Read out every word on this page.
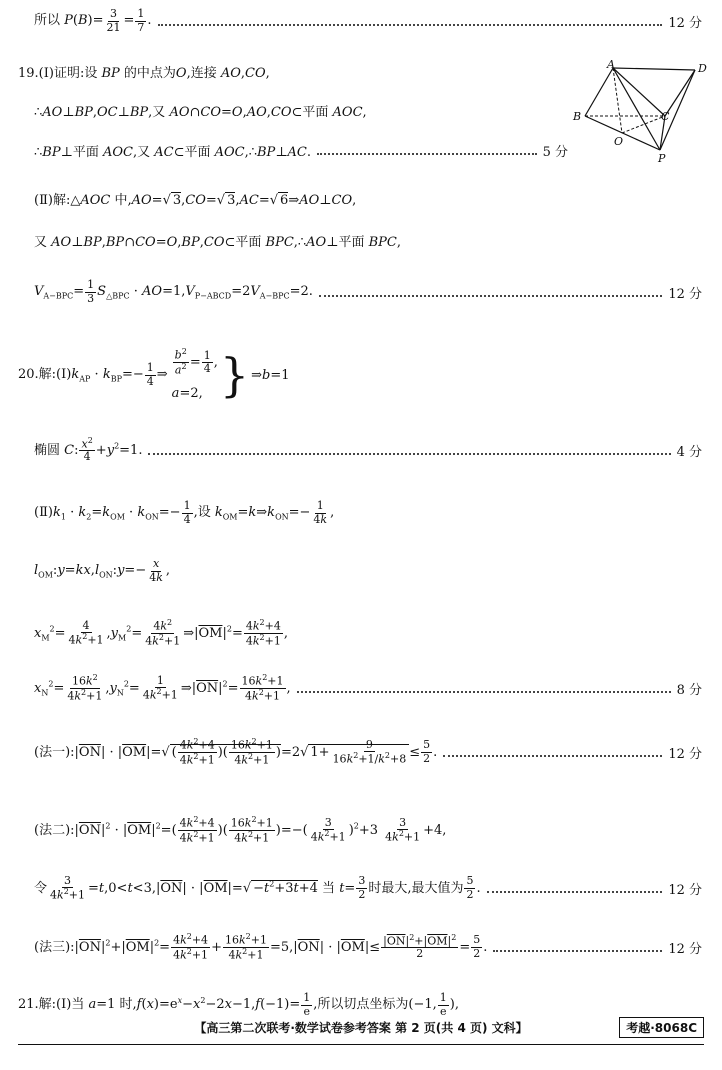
所以 $P(B)= \frac{3}{21} = \frac{1}{7}$ .	12 分
19.(Ⅰ)证明:设 BP 的中点为O,连接 AO,CO,
∴AO⊥BP,OC⊥BP,又 AO∩CO=O,AO,CO⊂平面 AOC,
∴BP⊥平面 AOC,又 AC⊂平面 AOC,∴BP⊥AC.	5 分
A	D
B	C
O
P
(Ⅱ)解:△AOC 中,AO=√ 3,CO=√ 3,AC=√ 6⇒AO⊥CO,
又 AO⊥BP,BP∩CO=O,BP,CO⊂平面 BPC,∴AO⊥平面 BPC,
$V_{A-BPC}= \frac{1}{3} S_{\triangle BPC} \cdot AO=1,V_{P-ABCD}=2V_{A-BPC}=2$.	12 分
20.解$:(Ⅰ)k_{AP} \cdot k_{BP}=- \frac{1}{4}$ ⇒ $\frac{b^2}{a^2} = \frac{1}{4}$ ,
a=2, } ⇒b=1
椭圆 C: $\frac{x^2}{4} +y^2=1$.	4 分
$(Ⅱ)k_1 \cdot k_2=k_{OM} \cdot k_{ON}=- \frac{1}{4}$ ,设 $k_{OM}=k\Rightarrow k_{ON}=- \frac{1}{4k}$ ,
$l_{OM}:y=kx,l_{ON}:y=- \frac{x}{4k}$ ,
$x_M^2= \frac{4}{4k^2+1} ,y_M^2= \frac{4k^2}{4k^2+1}$ $\Rightarrow|\overline{OM}|^2= \frac{4k^2+4}{4k^2+1}$ ,
$x_N^2= \frac{16k^2}{4k^2+1} ,y_N^2= \frac{1}{4k^2+1}$ $\Rightarrow|\overline{ON}|^2= \frac{16k^2+1}{4k^2+1}$ ,	8 分
(法一)$:|\overline{ON}| \cdot |\overline{OM}|=√$ ( $\frac{4k^2+4}{4k^2+1}$ )( $\frac{16k^2+1}{4k^2+1} )=2√$ $1+ \frac{9}{16k^2+1/k^2+8} \le \frac{5}{2}$ .	12 分
(法二)$:|\overline{ON}|^2 \cdot |\overline{OM}|^2=( \frac{4k^2+4}{4k^2+1}$ )( $\frac{16k^2+1}{4k^2+1}$ )=−( $\frac{3}{4k^2+1} )^2+3 \frac{3}{4k^2+1} +4$,
令 $\frac{3}{4k^2+1} =t,0<t<3,|\overline{ON}| \cdot |\overline{OM}|=√ -t^2+3t+4$ 当 $t= \frac{3}{2}$ 时最大,最大值为 $\frac{5}{2}$ .	12 分
(法三)$:|\overline{ON}|^2+|\overline{OM}|^2= \frac{4k^2+4}{4k^2+1} + \frac{16k^2+1}{4k^2+1} =5,|\overline{ON}| \cdot |\overline{OM}|\le \frac{|\overline{ON}|^2+|\overline{OM}|^2}{2} = \frac{5}{2}$ .	12 分
21.解:(Ⅰ)当 a=1 时$,f(x)=e^x-x^2-2x-1,f(-1)= \frac{1}{e}$ ,所以切点坐标为(−1, $\frac{1}{e}$ ),
【高三第二次联考·数学试卷参考答案 第 2 页(共 4 页) 文科】	考越·8068C
